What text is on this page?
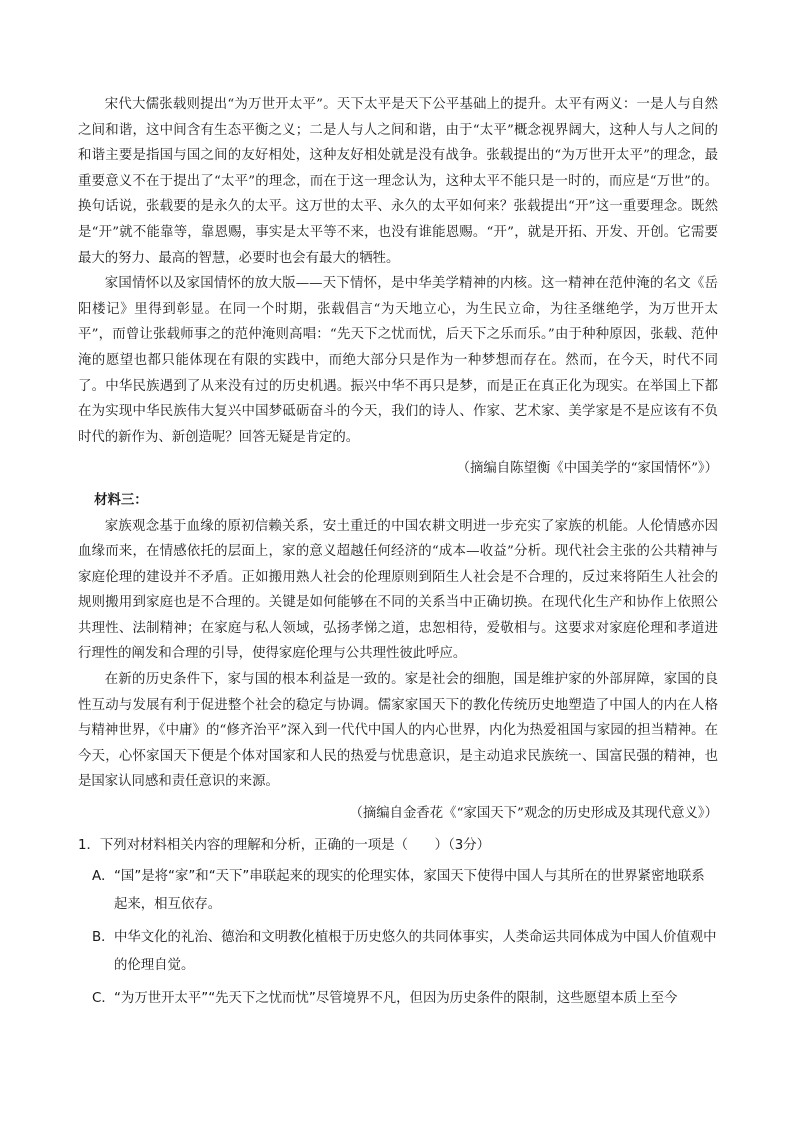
宋代大儒张载则提出“为万世开太平”。天下太平是天下公平基础上的提升。太平有两义：一是人与自然之间和谐，这中间含有生态平衡之义；二是人与人之间和谐，由于“太平”概念视界阔大，这种人与人之间的和谐主要是指国与国之间的友好相处，这种友好相处就是没有战争。张载提出的“为万世开太平”的理念，最重要意义不在于提出了“太平”的理念，而在于这一理念认为，这种太平不能只是一时的，而应是“万世”的。换句话说，张载要的是永久的太平。这万世的太平、永久的太平如何来？张载提出“开”这一重要理念。既然是“开”就不能靠等，靠恩赐，事实是太平等不来，也没有谁能恩赐。“开”，就是开拓、开发、开创。它需要最大的努力、最高的智慧，必要时也会有最大的牺牲。

家国情怀以及家国情怀的放大版——天下情怀，是中华美学精神的内核。这一精神在范仲淹的名文《岳阳楼记》里得到彰显。在同一个时期，张载倡言“为天地立心，为生民立命，为往圣继绝学，为万世开太平”，而曾让张载师事之的范仲淹则高唱：“先天下之忧而忧，后天下之乐而乐。”由于种种原因，张载、范仲淹的愿望也都只能体现在有限的实践中，而绝大部分只是作为一种梦想而存在。然而，在今天，时代不同了。中华民族遇到了从来没有过的历史机遇。振兴中华不再只是梦，而是正在真正化为现实。在举国上下都在为实现中华民族伟大复兴中国梦砥砺奋斗的今天，我们的诗人、作家、艺术家、美学家是不是应该有不负时代的新作为、新创造呢？回答无疑是肯定的。

（摘编自陈望衡《中国美学的“家国情怀”》）

材料三：

家族观念基于血缘的原初信赖关系，安土重迁的中国农耕文明进一步充实了家族的机能。人伦情感亦因血缘而来，在情感依托的层面上，家的意义超越任何经济的“成本—收益”分析。现代社会主张的公共精神与家庭伦理的建设并不矛盾。正如搬用熟人社会的伦理原则到陌生人社会是不合理的，反过来将陌生人社会的规则搬用到家庭也是不合理的。关键是如何能够在不同的关系当中正确切换。在现代化生产和协作上依照公共理性、法制精神；在家庭与私人领域，弘扬孝悌之道，忠恕相待，爱敬相与。这要求对家庭伦理和孝道进行理性的阐发和合理的引导，使得家庭伦理与公共理性彼此呼应。

在新的历史条件下，家与国的根本利益是一致的。家是社会的细胞，国是维护家的外部屏障，家国的良性互动与发展有利于促进整个社会的稳定与协调。儒家家国天下的教化传统历史地塑造了中国人的内在人格与精神世界，《中庸》的“修齐治平”深入到一代代中国人的内心世界，内化为热爱祖国与家园的担当精神。在今天，心怀家国天下便是个体对国家和人民的热爱与忧患意识，是主动追求民族统一、国富民强的精神，也是国家认同感和责任意识的来源。

（摘编自金香花《“家国天下”观念的历史形成及其现代意义》）

1．下列对材料相关内容的理解和分析，正确的一项是（　　）（3分）

A． “国”是将“家”和“天下”串联起来的现实的伦理实体，家国天下使得中国人与其所在的世界紧密地联系起来，相互依存。
B． 中华文化的礼治、德治和文明教化植根于历史悠久的共同体事实，人类命运共同体成为中国人价值观中的伦理自觉。
C． “为万世开太平”“先天下之忧而忧”尽管境界不凡，但因为历史条件的限制，这些愿望本质上至今
